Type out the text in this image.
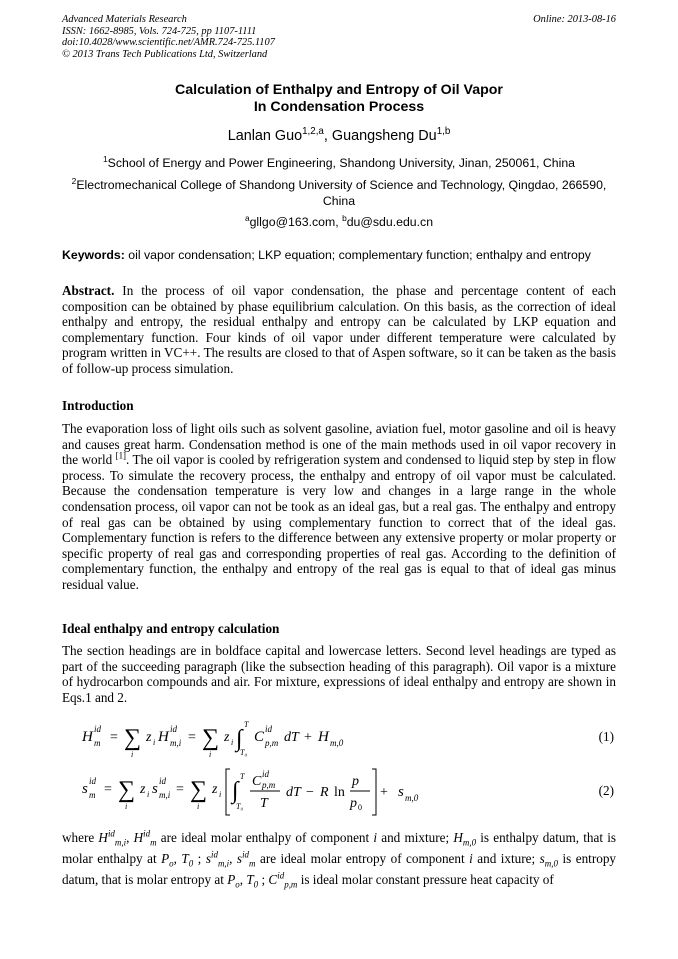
Advanced Materials Research
ISSN: 1662-8985, Vols. 724-725, pp 1107-1111
doi:10.4028/www.scientific.net/AMR.724-725.1107
© 2013 Trans Tech Publications Ltd, Switzerland
Online: 2013-08-16
Calculation of Enthalpy and Entropy of Oil Vapor
In Condensation Process
Lanlan Guo$^{1,2,a}$, Guangsheng Du$^{1,b}$
$^1$School of Energy and Power Engineering, Shandong University, Jinan, 250061, China
$^2$Electromechanical College of Shandong University of Science and Technology, Qingdao, 266590, China
$^a$gllgo@163.com, $^b$du@sdu.edu.cn
Keywords: oil vapor condensation; LKP equation; complementary function; enthalpy and entropy
Abstract. In the process of oil vapor condensation, the phase and percentage content of each composition can be obtained by phase equilibrium calculation. On this basis, as the correction of ideal enthalpy and entropy, the residual enthalpy and entropy can be calculated by LKP equation and complementary function. Four kinds of oil vapor under different temperature were calculated by program written in VC++. The results are closed to that of Aspen software, so it can be taken as the basis of follow-up process simulation.
Introduction
The evaporation loss of light oils such as solvent gasoline, aviation fuel, motor gasoline and oil is heavy and causes great harm. Condensation method is one of the main methods used in oil vapor recovery in the world [1]. The oil vapor is cooled by refrigeration system and condensed to liquid step by step in flow process. To simulate the recovery process, the enthalpy and entropy of oil vapor must be calculated. Because the condensation temperature is very low and changes in a large range in the whole condensation process, oil vapor can not be took as an ideal gas, but a real gas. The enthalpy and entropy of real gas can be obtained by using complementary function to correct that of the ideal gas. Complementary function is refers to the difference between any extensive property or molar property or specific property of real gas and corresponding properties of real gas. According to the definition of complementary function, the enthalpy and entropy of the real gas is equal to that of ideal gas minus residual value.
Ideal enthalpy and entropy calculation
The section headings are in boldface capital and lowercase letters. Second level headings are typed as part of the succeeding paragraph (like the subsection heading of this paragraph). Oil vapor is a mixture of hydrocarbon compounds and air. For mixture, expressions of ideal enthalpy and entropy are shown in Eqs.1 and 2.
H id
m = ∑
i
z i H id
m,i = ∑
i
z i ∫
T
T₀
C id
p,m dT + H m,0	(1)
s id
m = ∑
i
z i s id
m,i = ∑
i
z i ∫
T
T₀
C id
p,m
T
dT − R ln
p
p 0
+ s m,0	(2)
where $H^{id}_{m,i}$, $H^{id}_m$ are ideal molar enthalpy of component i and mixture; $H_{m,0}$ is enthalpy datum, that is molar enthalpy at $P_o$, $T_0$ ; $s^{id}_{m,i}$, $s^{id}_m$ are ideal molar entropy of component i and ixture; $s_{m,0}$ is entropy datum, that is molar entropy at $P_o$, $T_0$ ; $C^{id}_{p,m}$ is ideal molar constant pressure heat capacity of
